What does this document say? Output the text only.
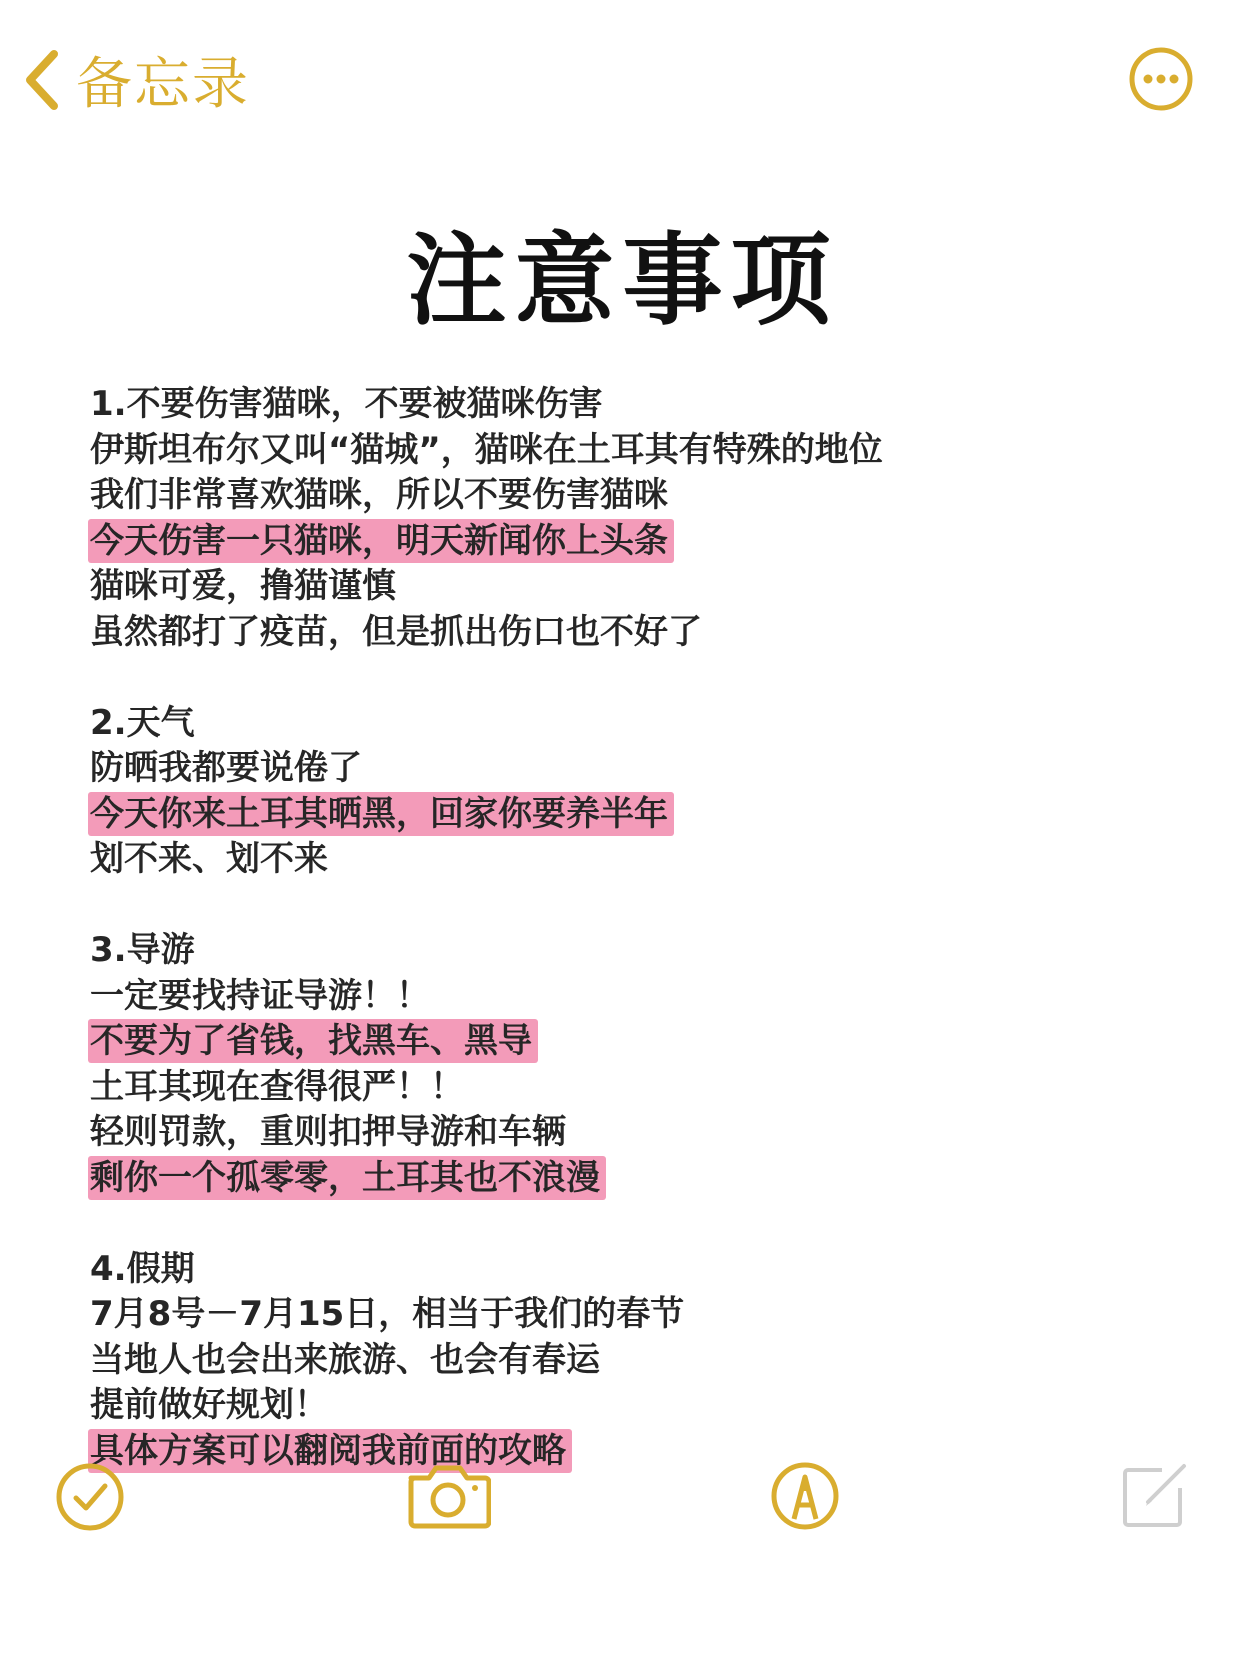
备忘录
注意事项
1.不要伤害猫咪，不要被猫咪伤害
伊斯坦布尔又叫“猫城”，猫咪在土耳其有特殊的地位
我们非常喜欢猫咪，所以不要伤害猫咪
今天伤害一只猫咪，明天新闻你上头条
猫咪可爱，撸猫谨慎
虽然都打了疫苗，但是抓出伤口也不好了
2.天气
防晒我都要说倦了
今天你来土耳其晒黑，回家你要养半年
划不来、划不来
3.导游
一定要找持证导游！！
不要为了省钱，找黑车、黑导
土耳其现在查得很严！！
轻则罚款，重则扣押导游和车辆
剩你一个孤零零，土耳其也不浪漫
4.假期
7月8号－7月15日，相当于我们的春节
当地人也会出来旅游、也会有春运
提前做好规划！
具体方案可以翻阅我前面的攻略
